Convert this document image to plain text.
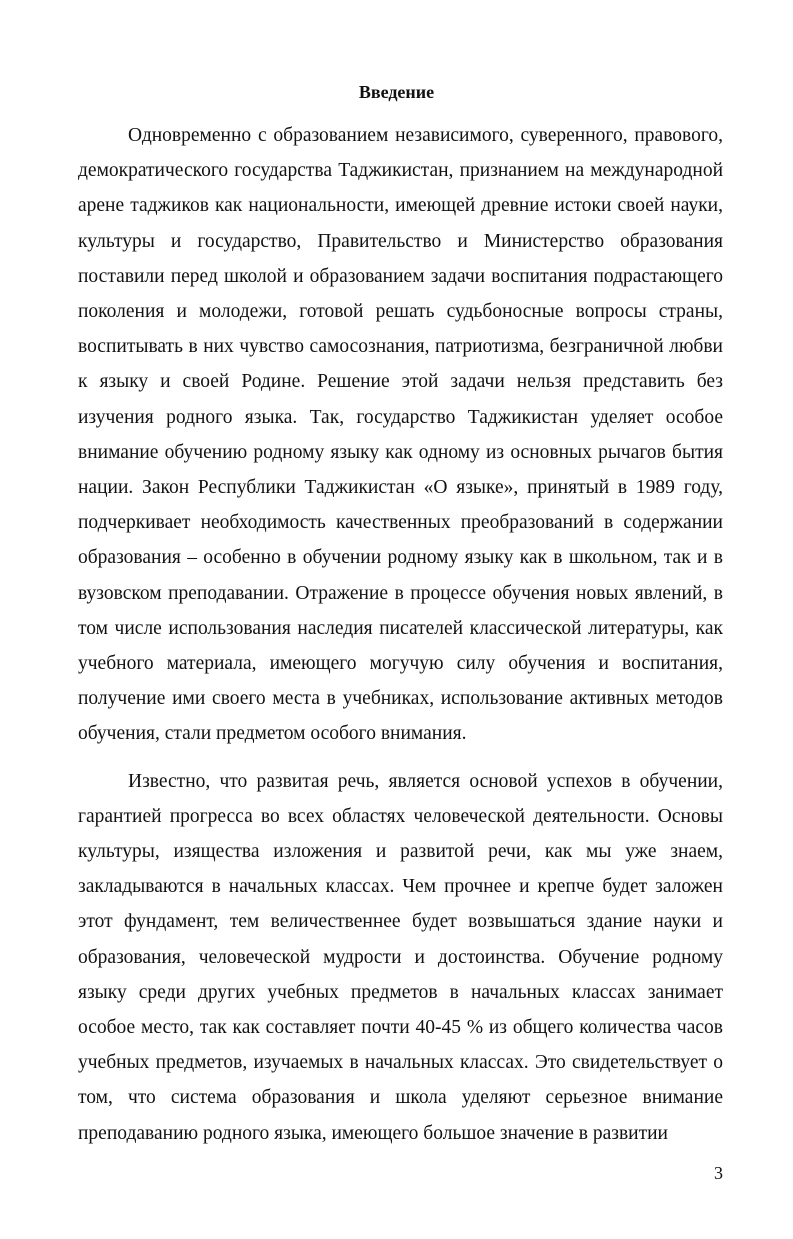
Введение

Одновременно с образованием независимого, суверенного, правового, демократического государства Таджикистан, признанием на международной арене таджиков как национальности, имеющей древние истоки своей науки, культуры и государство, Правительство и Министерство образования поставили перед школой и образованием задачи воспитания подрастающего поколения и молодежи, готовой решать судьбоносные вопросы страны, воспитывать в них чувство самосознания, патриотизма, безграничной любви к языку и своей Родине. Решение этой задачи нельзя представить без изучения родного языка. Так, государство Таджикистан уделяет особое внимание обучению родному языку как одному из основных рычагов бытия нации. Закон Республики Таджикистан «О языке», принятый в 1989 году, подчеркивает необходимость качественных преобразований в содержании образования – особенно в обучении родному языку как в школьном, так и в вузовском преподавании. Отражение в процессе обучения новых явлений, в том числе использования наследия писателей классической литературы, как учебного материала, имеющего могучую силу обучения и воспитания, получение ими своего места в учебниках, использование активных методов обучения, стали предметом особого внимания.

Известно, что развитая речь, является основой успехов в обучении, гарантией прогресса во всех областях человеческой деятельности. Основы культуры, изящества изложения и развитой речи, как мы уже знаем, закладываются в начальных классах. Чем прочнее и крепче будет заложен этот фундамент, тем величественнее будет возвышаться здание науки и образования, человеческой мудрости и достоинства. Обучение родному языку среди других учебных предметов в начальных классах занимает особое место, так как составляет почти 40-45 % из общего количества часов учебных предметов, изучаемых в начальных классах. Это свидетельствует о том, что система образования и школа уделяют серьезное внимание преподаванию родного языка, имеющего большое значение в развитии

3
